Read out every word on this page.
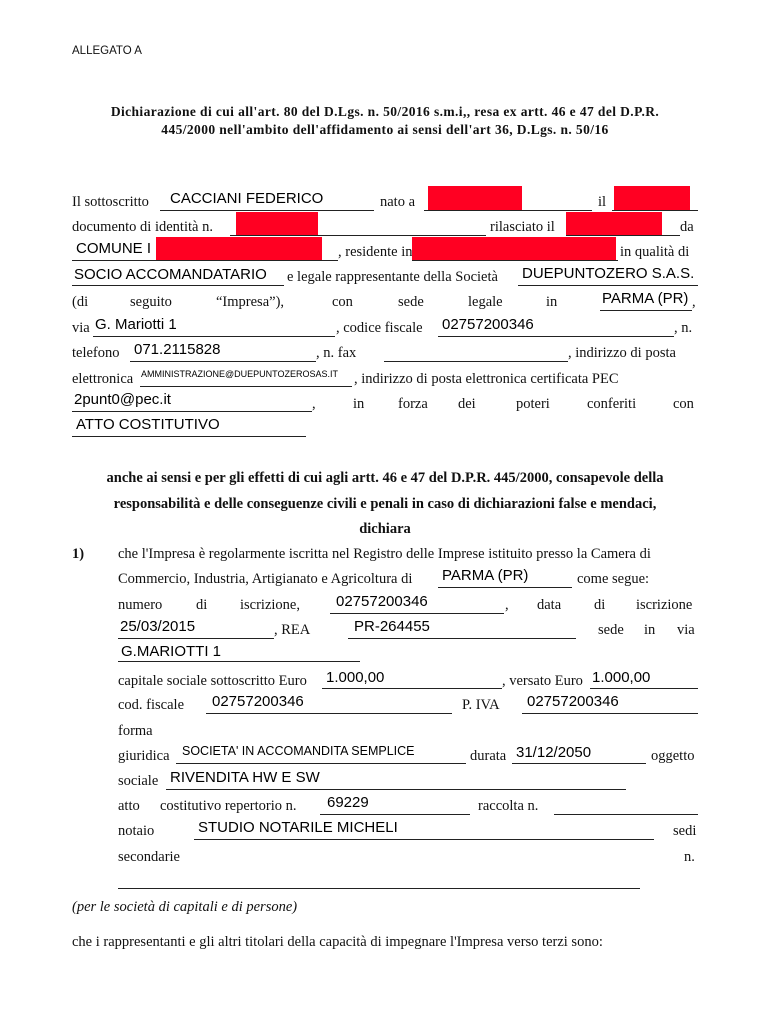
ALLEGATO A
Dichiarazione di cui all'art. 80 del D.Lgs. n. 50/2016 s.m.i,, resa ex artt. 46 e 47 del D.P.R.
445/2000 nell'ambito dell'affidamento ai sensi dell'art 36, D.Lgs. n. 50/16
Il sottoscritto CACCIANI FEDERICO	nato a	il
documento di identità n.	rilasciato il	da
COMUNE I	, residente in	in qualità di
SOCIO ACCOMANDATARIO e legale rappresentante della Società DUEPUNTOZERO S.A.S.
(di	seguito	“Impresa”),	con	sede	legale	in	PARMA (PR) ,
via G. Mariotti 1	, codice fiscale 02757200346	, n.
telefono 071.2115828	, n. fax	, indirizzo di posta
elettronica AMMINISTRAZIONE@DUEPUNTOZEROSAS.IT , indirizzo di posta elettronica certificata PEC
2punt0@pec.it	,	in forza dei	poteri	conferiti	con
ATTO COSTITUTIVO
anche ai sensi e per gli effetti di cui agli artt. 46 e 47 del D.P.R. 445/2000, consapevole della
responsabilità e delle conseguenze civili e penali in caso di dichiarazioni false e mendaci,
dichiara
1) che l'Impresa è regolarmente iscritta nel Registro delle Imprese istituito presso la Camera di
Commercio, Industria, Artigianato e Agricoltura di PARMA (PR)	come segue:
numero di iscrizione, 02757200346	, data di iscrizione
25/03/2015	, REA	PR-264455	sede in via
G.MARIOTTI 1
capitale sociale sottoscritto Euro 1.000,00	, versato Euro 1.000,00
cod. fiscale 02757200346	P. IVA 02757200346
forma
giuridica SOCIETA' IN ACCOMANDITA SEMPLICE	durata 31/12/2050	oggetto
sociale RIVENDITA HW E SW
atto costitutivo repertorio n. 69229	raccolta n.
notaio	STUDIO NOTARILE MICHELI	sedi
secondarie	n.
(per le società di capitali e di persone)
che i rappresentanti e gli altri titolari della capacità di impegnare l'Impresa verso terzi sono:
